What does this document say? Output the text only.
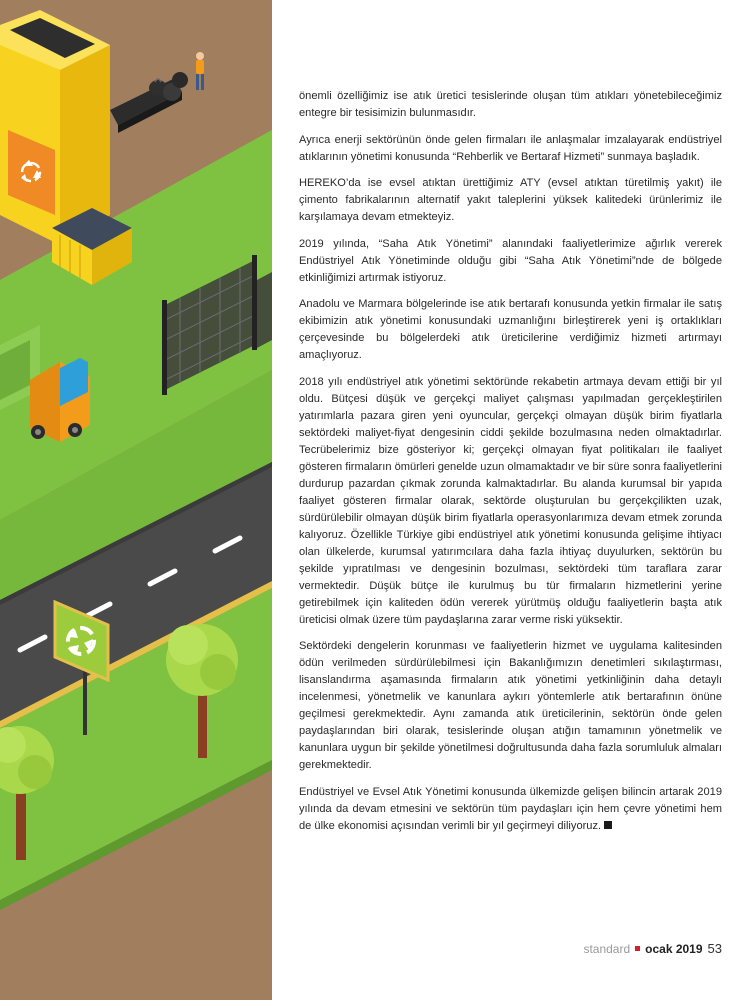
önemli özelliğimiz ise atık üretici tesislerinde oluşan tüm atıkları yönetebileceğimiz entegre bir tesisimizin bulunmasıdır.

Ayrıca enerji sektörünün önde gelen firmaları ile anlaşmalar imzalayarak endüstriyel atıklarının yönetimi konusunda “Rehberlik ve Bertaraf Hizmeti” sunmaya başladık.

HEREKO’da ise evsel atıktan ürettiğimiz ATY (evsel atıktan türetilmiş yakıt) ile çimento fabrikalarının alternatif yakıt taleplerini yüksek kalitedeki ürünlerimiz ile karşılamaya devam etmekteyiz.

2019 yılında, “Saha Atık Yönetimi” alanındaki faaliyetlerimize ağırlık vererek Endüstriyel Atık Yönetiminde olduğu gibi “Saha Atık Yönetimi”nde de bölgede etkinliğimizi artırmak istiyoruz.

Anadolu ve Marmara bölgelerinde ise atık bertarafı konusunda yetkin firmalar ile satış ekibimizin atık yönetimi konusundaki uzmanlığını birleştirerek yeni iş ortaklıkları çerçevesinde bu bölgelerdeki atık üreticilerine verdiğimiz hizmeti artırmayı amaçlıyoruz.

2018 yılı endüstriyel atık yönetimi sektöründe rekabetin artmaya devam ettiği bir yıl oldu. Bütçesi düşük ve gerçekçi maliyet çalışması yapılmadan gerçekleştirilen yatırımlarla pazara giren yeni oyuncular, gerçekçi olmayan düşük birim fiyatlarla sektördeki maliyet-fiyat dengesinin ciddi şekilde bozulmasına neden olmaktadırlar. Tecrübelerimiz bize gösteriyor ki; gerçekçi olmayan fiyat politikaları ile faaliyet gösteren firmaların ömürleri genelde uzun olmamaktadır ve bir süre sonra faaliyetlerini durdurup pazardan çıkmak zorunda kalmaktadırlar. Bu alanda kurumsal bir yapıda faaliyet gösteren firmalar olarak, sektörde oluşturulan bu gerçekçilikten uzak, sürdürülebilir olmayan düşük birim fiyatlarla operasyonlarımıza devam etmek zorunda kalıyoruz. Özellikle Türkiye gibi endüstriyel atık yönetimi konusunda gelişime ihtiyacı olan ülkelerde, kurumsal yatırımcılara daha fazla ihtiyaç duyulurken, sektörün bu şekilde yıpratılması ve dengesinin bozulması, sektördeki tüm taraflara zarar vermektedir. Düşük bütçe ile kurulmuş bu tür firmaların hizmetlerini yerine getirebilmek için kaliteden ödün vererek yürütmüş olduğu faaliyetlerin başta atık üreticisi olmak üzere tüm paydaşlarına zarar verme riski yüksektir.

Sektördeki dengelerin korunması ve faaliyetlerin hizmet ve uygulama kalitesinden ödün verilmeden sürdürülebilmesi için Bakanlığımızın denetimleri sıkılaştırması, lisanslandırma aşamasında firmaların atık yönetimi yetkinliğinin daha detaylı incelenmesi, yönetmelik ve kanunlara aykırı yöntemlerle atık bertarafının önüne geçilmesi gerekmektedir. Aynı zamanda atık üreticilerinin, sektörün önde gelen paydaşlarından biri olarak, tesislerinde oluşan atığın tamamının yönetmelik ve kanunlara uygun bir şekilde yönetilmesi doğrultusunda daha fazla sorumluluk almaları gerekmektedir.

Endüstriyel ve Evsel Atık Yönetimi konusunda ülkemizde gelişen bilincin artarak 2019 yılında da devam etmesini ve sektörün tüm paydaşları için hem çevre yönetimi hem de ülke ekonomisi açısından verimli bir yıl geçirmeyi diliyoruz.

standard ocak 2019 53
